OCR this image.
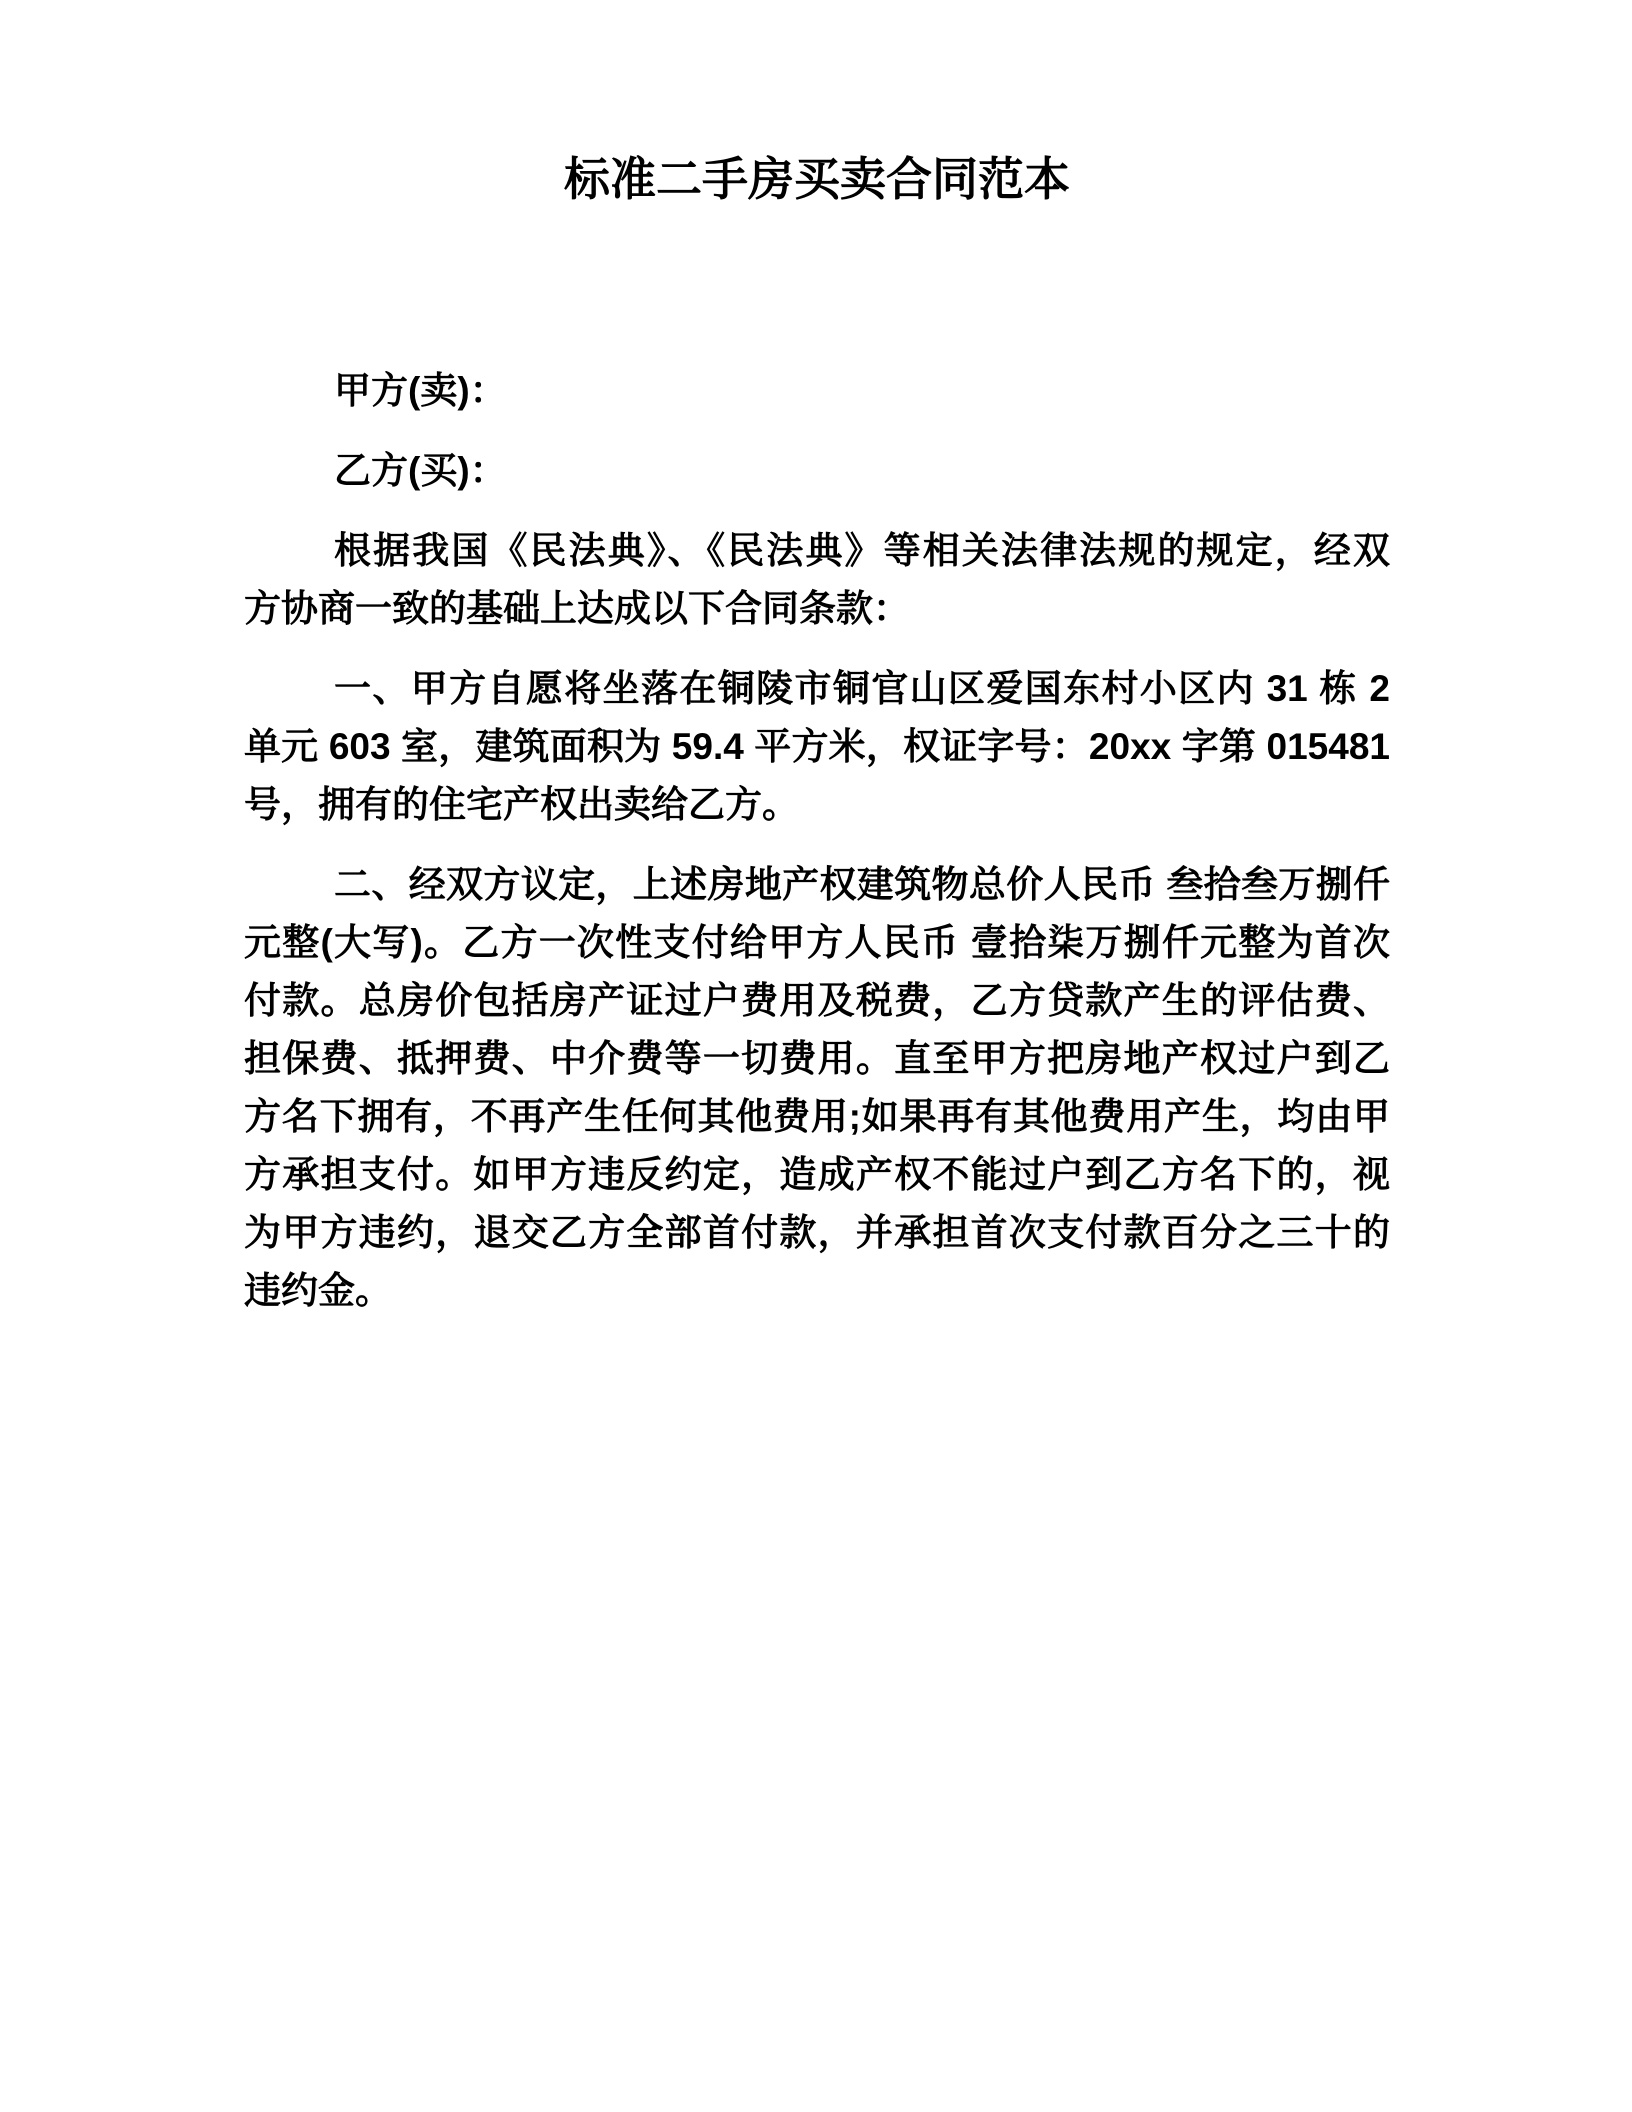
标准二手房买卖合同范本

甲方(卖)：

乙方(买)：

根据我国《民法典》、《民法典》等相关法律法规的规定，经双
方协商一致的基础上达成以下合同条款：

一、甲方自愿将坐落在铜陵市铜官山区爱国东村小区内 31 栋 2
单元 603 室，建筑面积为 59.4 平方米，权证字号：20xx 字第 015481
号，拥有的住宅产权出卖给乙方。

二、经双方议定，上述房地产权建筑物总价人民币 叁拾叁万捌仟
元整(大写)。乙方一次性支付给甲方人民币 壹拾柒万捌仟元整为首次
付款。总房价包括房产证过户费用及税费，乙方贷款产生的评估费、
担保费、抵押费、中介费等一切费用。直至甲方把房地产权过户到乙
方名下拥有，不再产生任何其他费用;如果再有其他费用产生，均由甲
方承担支付。如甲方违反约定，造成产权不能过户到乙方名下的，视
为甲方违约，退交乙方全部首付款，并承担首次支付款百分之三十的
违约金。
